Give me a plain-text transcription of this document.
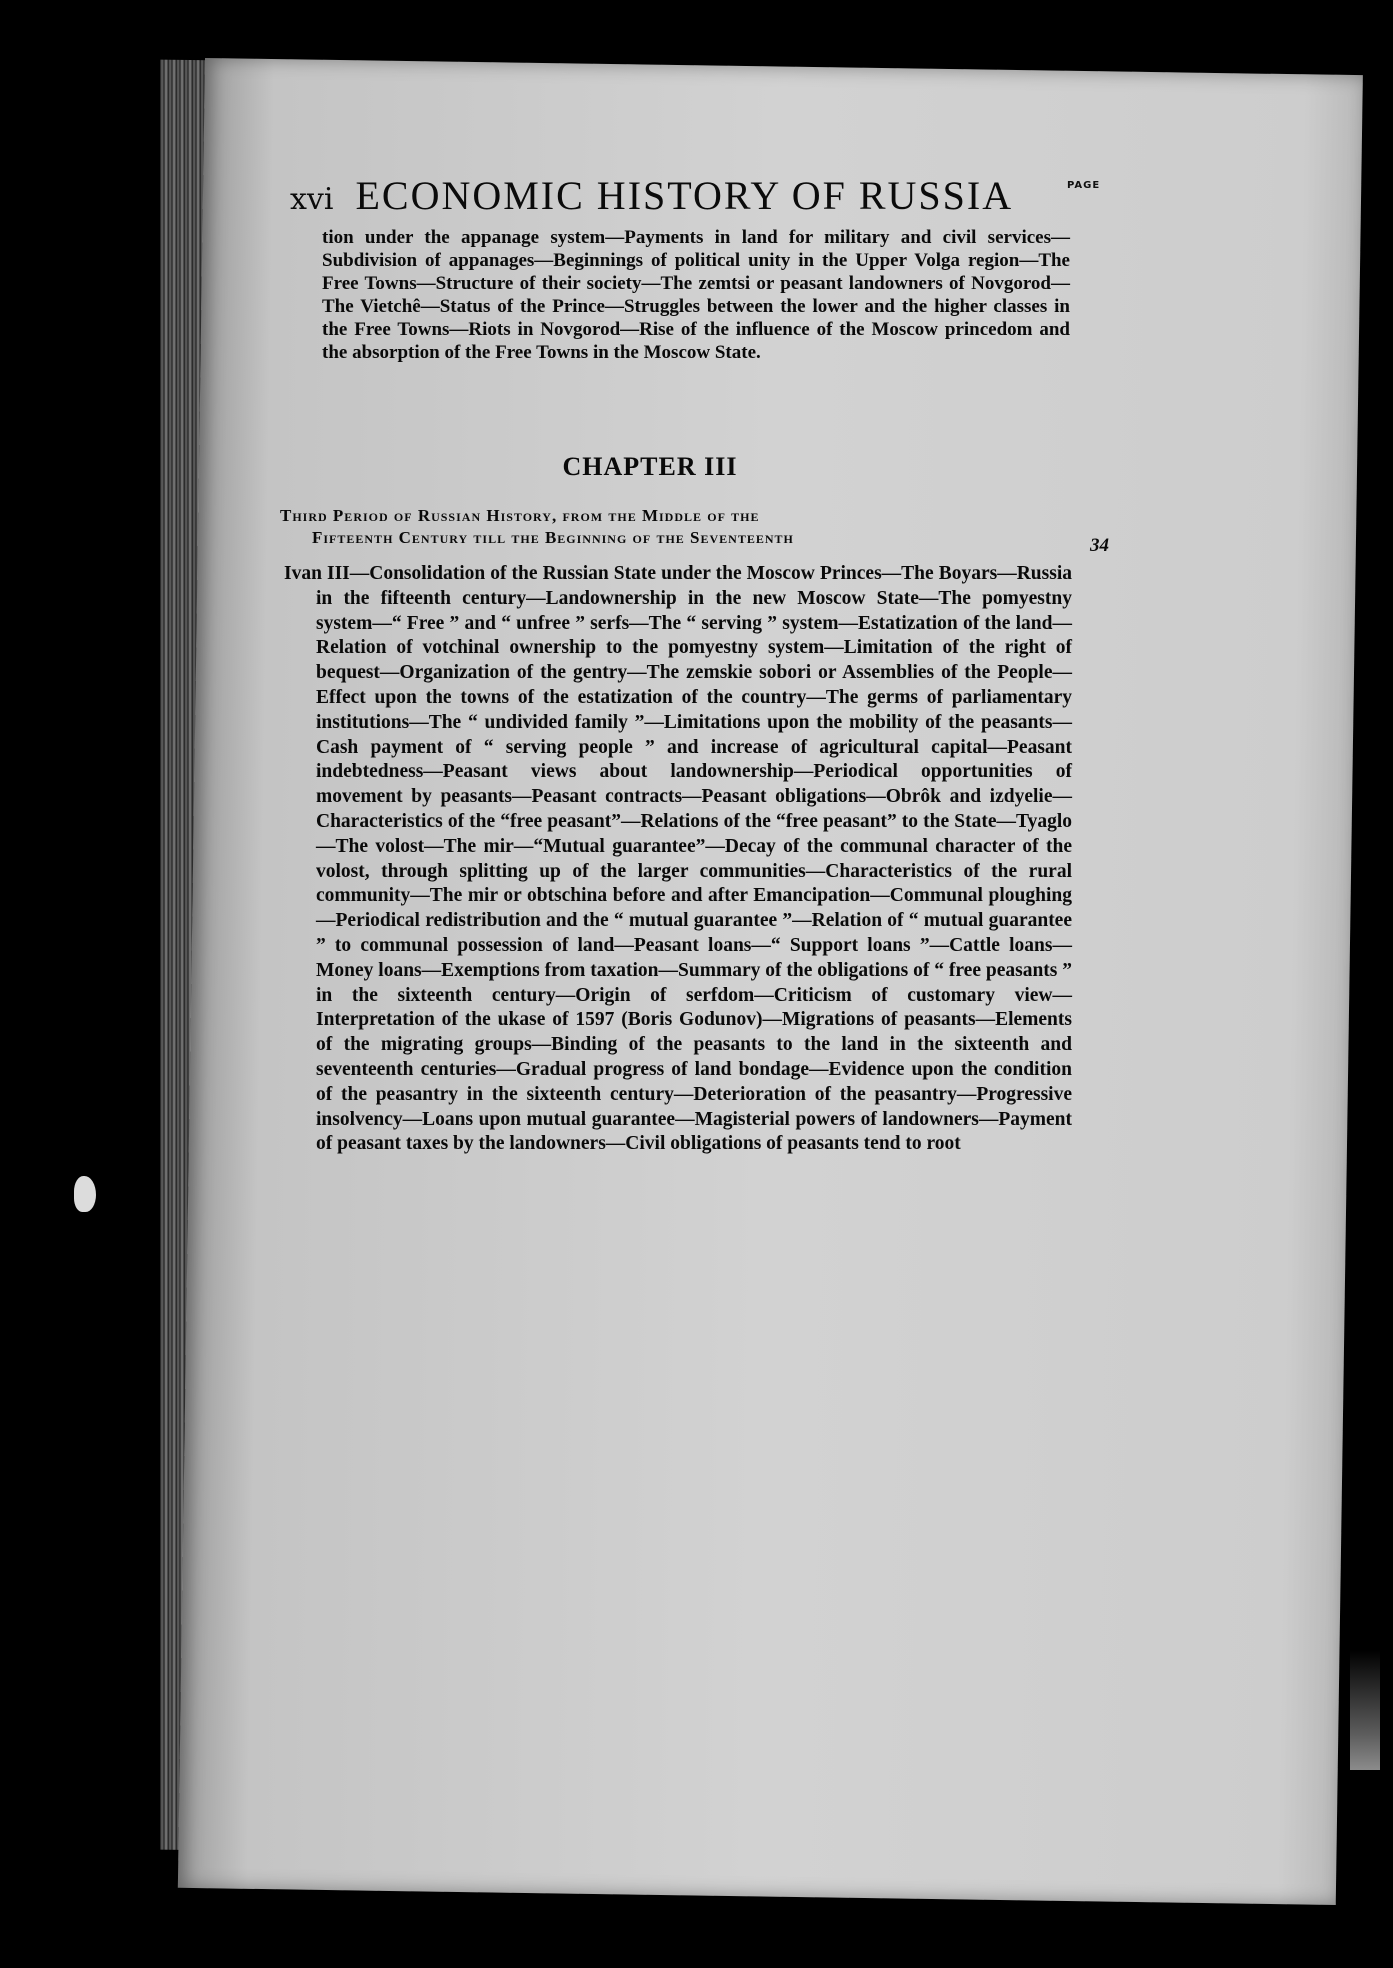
xvi ECONOMIC HISTORY OF RUSSIA	PAGE
tion under the appanage system—Payments in land for military and civil services—Subdivision of appanages—Beginnings of political unity in the Upper Volga region—The Free Towns—Structure of their society—The zemtsi or peasant landowners of Novgorod—The Vietchê—Status of the Prince—Struggles between the lower and the higher classes in the Free Towns—Riots in Novgorod—Rise of the influence of the Moscow princedom and the absorption of the Free Towns in the Moscow State.
CHAPTER III
Third Period of Russian History, from the Middle of the
Fifteenth Century till the Beginning of the Seventeenth	34
Ivan III—Consolidation of the Russian State under the Moscow Princes—The Boyars—Russia in the fifteenth century—Landownership in the new Moscow State—The pomyestny system—“ Free ” and “ unfree ” serfs—The “ serving ” system—Estatization of the land—Relation of votchinal ownership to the pomyestny system—Limitation of the right of bequest—Organization of the gentry—The zemskie sobori or Assemblies of the People—Effect upon the towns of the estatization of the country—The germs of parliamentary institutions—The “ undivided family ”—Limitations upon the mobility of the peasants—Cash payment of “ serving people ” and increase of agricultural capital—Peasant indebtedness—Peasant views about landownership—Periodical opportunities of movement by peasants—Peasant contracts—Peasant obligations—Obrôk and izdyelie—Characteristics of the “free peasant”—Relations of the “free peasant” to the State—Tyaglo—The volost—The mir—“Mutual guarantee”—Decay of the communal character of the volost, through splitting up of the larger communities—Characteristics of the rural community—The mir or obtschina before and after Emancipation—Communal ploughing—Periodical redistribution and the “ mutual guarantee ”—Relation of “ mutual guarantee ” to communal possession of land—Peasant loans—“ Support loans ”—Cattle loans—Money loans—Exemptions from taxation—Summary of the obligations of “ free peasants ” in the sixteenth century—Origin of serfdom—Criticism of customary view—Interpretation of the ukase of 1597 (Boris Godunov)—Migrations of peasants—Elements of the migrating groups—Binding of the peasants to the land in the sixteenth and seventeenth centuries—Gradual progress of land bondage—Evidence upon the condition of the peasantry in the sixteenth century—Deterioration of the peasantry—Progressive insolvency—Loans upon mutual guarantee—Magisterial powers of landowners—Payment of peasant taxes by the landowners—Civil obligations of peasants tend to root
